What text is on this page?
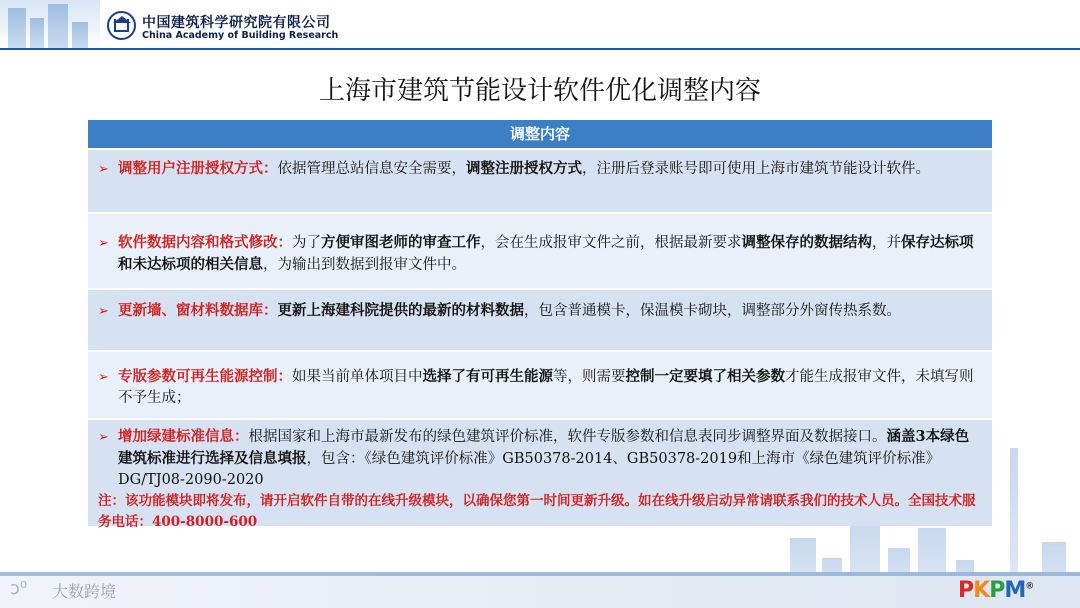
中国建筑科学研究院有限公司
China Academy of Building Research
上海市建筑节能设计软件优化调整内容
调整内容
➢ 调整用户注册授权方式：依据管理总站信息安全需要，调整注册授权方式，注册后登录账号即可使用上海市建筑节能设计软件。
➢ 软件数据内容和格式修改：为了方便审图老师的审查工作，会在生成报审文件之前，根据最新要求调整保存的数据结构，并保存达标项和未达标项的相关信息，为输出到数据到报审文件中。
➢ 更新墙、窗材料数据库：更新上海建科院提供的最新的材料数据，包含普通模卡，保温模卡砌块，调整部分外窗传热系数。
➢ 专版参数可再生能源控制：如果当前单体项目中选择了有可再生能源等，则需要控制一定要填了相关参数才能生成报审文件，未填写则不予生成；
➢ 增加绿建标准信息：根据国家和上海市最新发布的绿色建筑评价标准，软件专版参数和信息表同步调整界面及数据接口。涵盖3本绿色建筑标准进行选择及信息填报，包含：《绿色建筑评价标准》GB50378-2014、GB50378-2019和上海市《绿色建筑评价标准》DG/TJ08-2090-2020
注：该功能模块即将发布，请开启软件自带的在线升级模块，以确保您第一时间更新升级。如在线升级启动异常请联系我们的技术人员。全国技术服务电话：400-8000-600
ↄ⁰ 大数跨境	PKPM®
